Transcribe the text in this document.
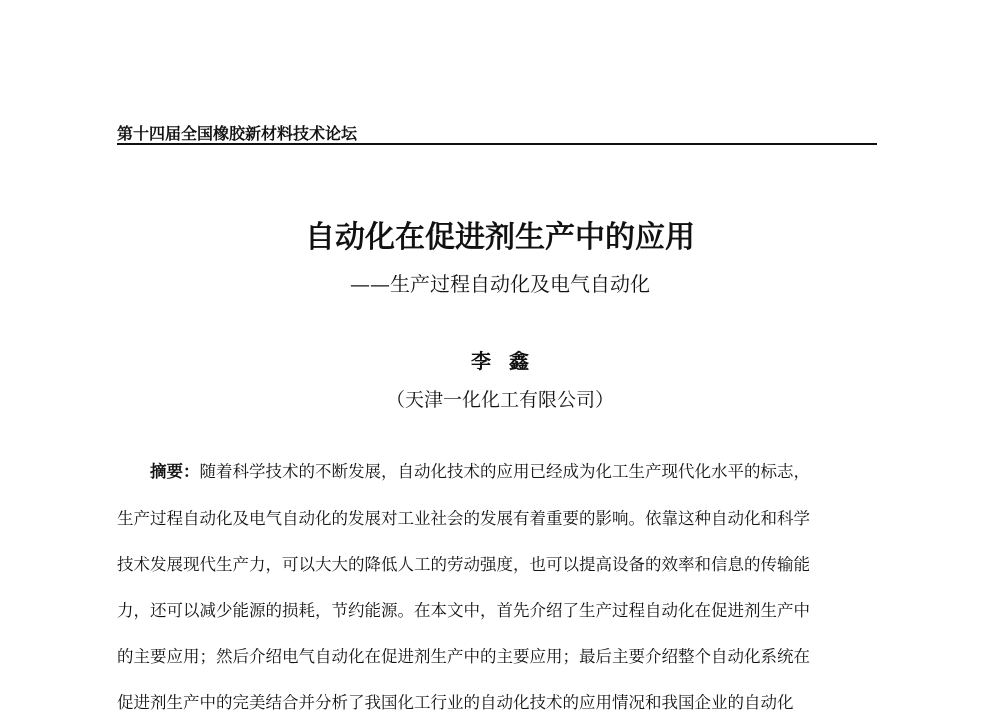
第十四届全国橡胶新材料技术论坛
自动化在促进剂生产中的应用
——生产过程自动化及电气自动化
李鑫
（天津一化化工有限公司）
摘要：随着科学技术的不断发展，自动化技术的应用已经成为化工生产现代化水平的标志，
生产过程自动化及电气自动化的发展对工业社会的发展有着重要的影响。依靠这种自动化和科学
技术发展现代生产力，可以大大的降低人工的劳动强度，也可以提高设备的效率和信息的传输能
力，还可以减少能源的损耗，节约能源。在本文中，首先介绍了生产过程自动化在促进剂生产中
的主要应用；然后介绍电气自动化在促进剂生产中的主要应用；最后主要介绍整个自动化系统在
促进剂生产中的完美结合并分析了我国化工行业的自动化技术的应用情况和我国企业的自动化
